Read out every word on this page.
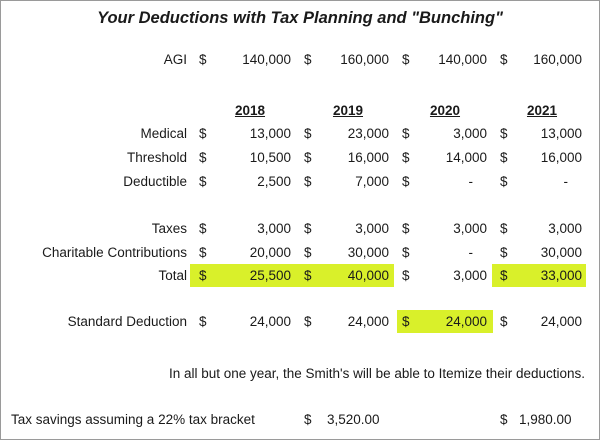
Your Deductions with Tax Planning and "Bunching"
AGI $	140,000 $	160,000 $	140,000 $	160,000
2018	2019	2020	2021
Medical $	13,000 $	23,000 $	3,000 $	13,000
Threshold $	10,500 $	16,000 $	14,000 $	16,000
Deductible $	2,500 $	7,000 $	- $	-
Taxes $	3,000 $	3,000 $	3,000 $	3,000
Charitable Contributions $	20,000 $	30,000 $	- $	30,000
Total $	25,500 $	40,000 $	3,000 $	33,000
Standard Deduction $	24,000 $	24,000 $	24,000 $	24,000
In all but one year, the Smith's will be able to Itemize their deductions.
Tax savings assuming a 22% tax bracket	$	3,520.00	$ 1,980.00
